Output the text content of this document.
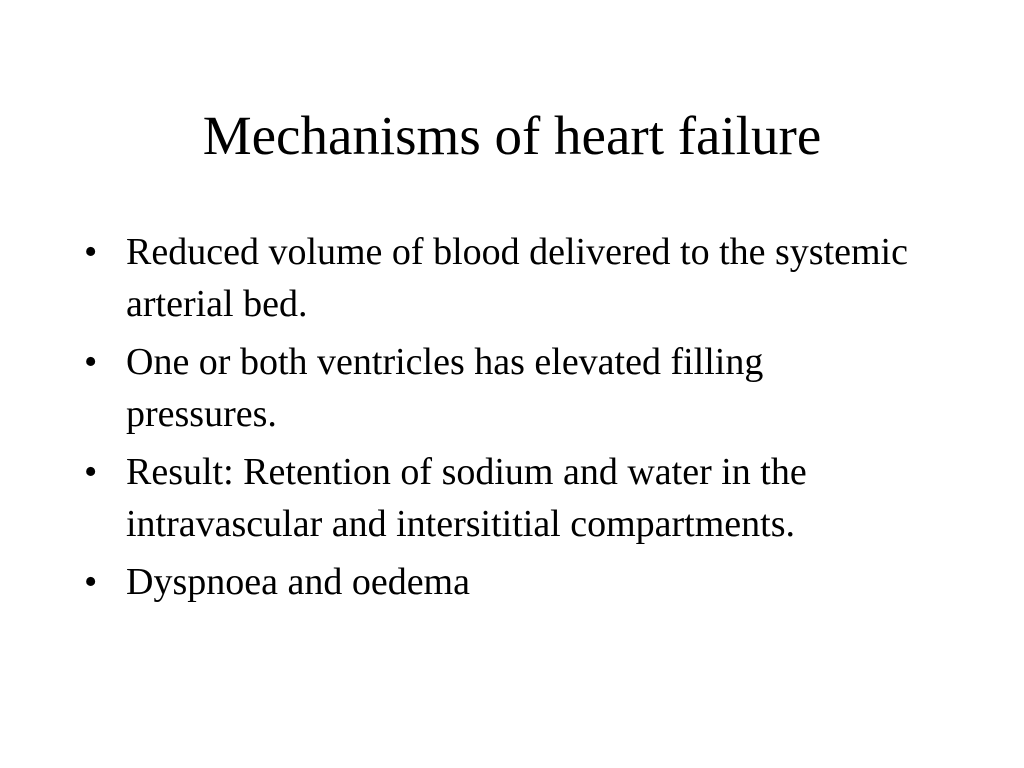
Mechanisms of heart failure
• Reduced volume of blood delivered to the systemic arterial bed.
• One or both ventricles has elevated filling pressures.
• Result: Retention of sodium and water in the intravascular and intersititial compartments.
• Dyspnoea and oedema
